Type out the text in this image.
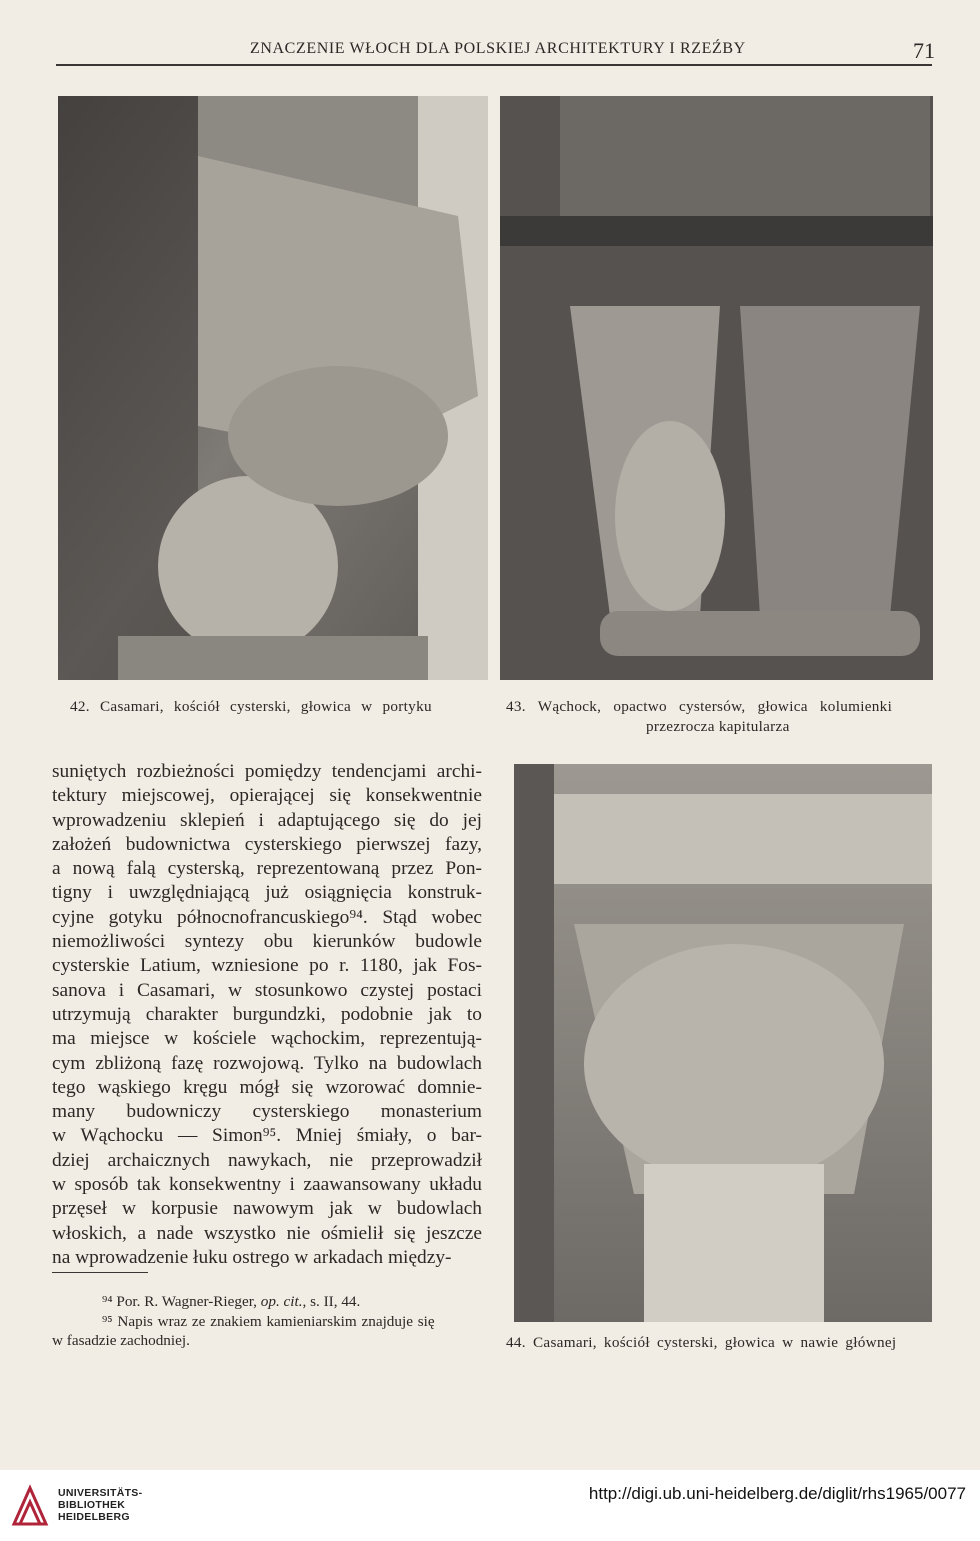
ZNACZENIE WŁOCH DLA POLSKIEJ ARCHITEKTURY I RZEŹBY	71
42. Casamari, kościół cysterski, głowica w portyku	43. Wąchock, opactwo cystersów, głowica kolumienki
przezrocza kapitularza
suniętych rozbieżności pomiędzy tendencjami archi-
tektury miejscowej, opierającej się konsekwentnie
wprowadzeniu sklepień i adaptującego się do jej
założeń budownictwa cysterskiego pierwszej fazy,
a nową falą cysterską, reprezentowaną przez Pon-
tigny i uwzględniającą już osiągnięcia konstruk-
cyjne gotyku północnofrancuskiego⁹⁴. Stąd wobec
niemożliwości syntezy obu kierunków budowle
cysterskie Latium, wzniesione po r. 1180, jak Fos-
sanova i Casamari, w stosunkowo czystej postaci
utrzymują charakter burgundzki, podobnie jak to
ma miejsce w kościele wąchockim, reprezentują-
cym zbliżoną fazę rozwojową. Tylko na budowlach
tego wąskiego kręgu mógł się wzorować domnie-
many budowniczy cysterskiego monasterium
w Wąchocku — Simon⁹⁵. Mniej śmiały, o bar-
dziej archaicznych nawykach, nie przeprowadził
w sposób tak konsekwentny i zaawansowany układu
przęseł w korpusie nawowym jak w budowlach
włoskich, a nade wszystko nie ośmielił się jeszcze
na wprowadzenie łuku ostrego w arkadach między-
⁹⁴ Por. R. Wagner-Rieger, op. cit., s. II, 44.
⁹⁵ Napis wraz ze znakiem kamieniarskim znajduje się
w fasadzie zachodniej.	44. Casamari, kościół cysterski, głowica w nawie głównej
UNIVERSITÄTS-
BIBLIOTHEK
HEIDELBERG
http://digi.ub.uni-heidelberg.de/diglit/rhs1965/0077
